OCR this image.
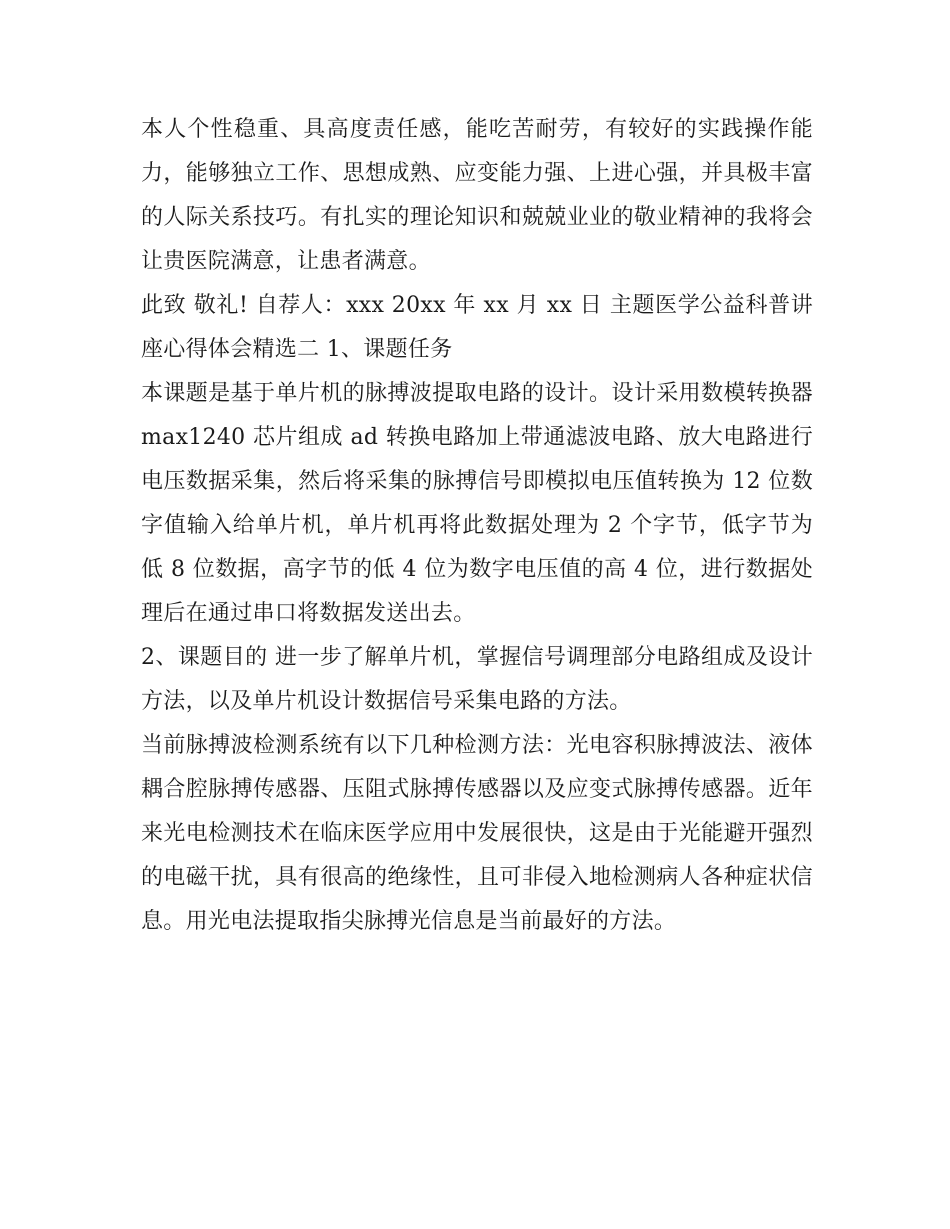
本人个性稳重、具高度责任感，能吃苦耐劳，有较好的实践操作能力，能够独立工作、思想成熟、应变能力强、上进心强，并具极丰富的人际关系技巧。有扎实的理论知识和兢兢业业的敬业精神的我将会让贵医院满意，让患者满意。

此致 敬礼! 自荐人：xxx 20xx 年 xx 月 xx 日 主题医学公益科普讲座心得体会精选二 1、课题任务

本课题是基于单片机的脉搏波提取电路的设计。设计采用数模转换器 max1240 芯片组成 ad 转换电路加上带通滤波电路、放大电路进行电压数据采集，然后将采集的脉搏信号即模拟电压值转换为 12 位数字值输入给单片机，单片机再将此数据处理为 2 个字节，低字节为低 8 位数据，高字节的低 4 位为数字电压值的高 4 位，进行数据处理后在通过串口将数据发送出去。

2、课题目的 进一步了解单片机，掌握信号调理部分电路组成及设计方法，以及单片机设计数据信号采集电路的方法。

当前脉搏波检测系统有以下几种检测方法：光电容积脉搏波法、液体耦合腔脉搏传感器、压阻式脉搏传感器以及应变式脉搏传感器。近年来光电检测技术在临床医学应用中发展很快，这是由于光能避开强烈的电磁干扰，具有很高的绝缘性，且可非侵入地检测病人各种症状信息。用光电法提取指尖脉搏光信息是当前最好的方法。
